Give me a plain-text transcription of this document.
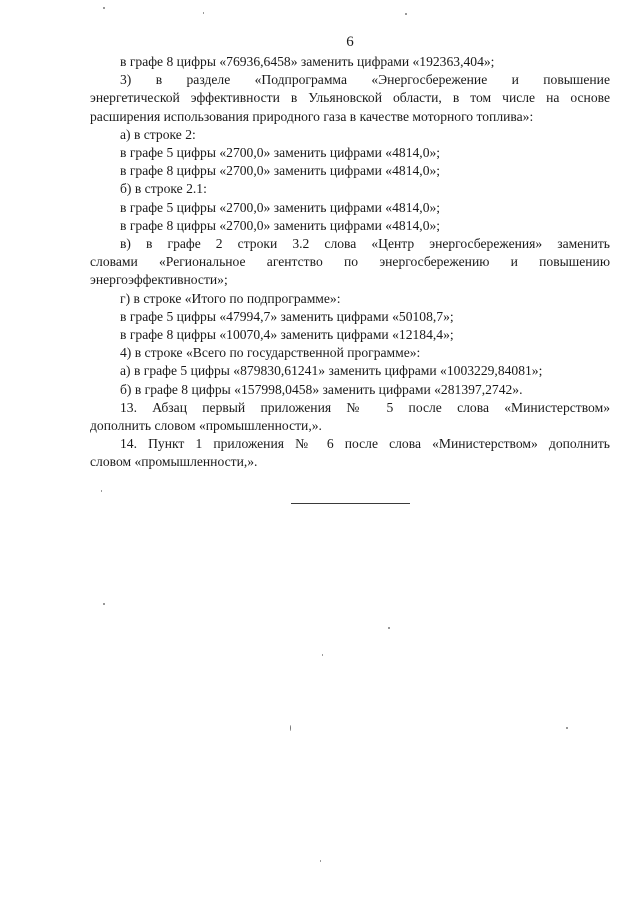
6
в графе 8 цифры «76936,6458» заменить цифрами «192363,404»;
3) в разделе «Подпрограмма «Энергосбережение и повышение
энергетической эффективности в Ульяновской области, в том числе на основе
расширения использования природного газа в качестве моторного топлива»:
а) в строке 2:
в графе 5 цифры «2700,0» заменить цифрами «4814,0»;
в графе 8 цифры «2700,0» заменить цифрами «4814,0»;
б) в строке 2.1:
в графе 5 цифры «2700,0» заменить цифрами «4814,0»;
в графе 8 цифры «2700,0» заменить цифрами «4814,0»;
в) в графе 2 строки 3.2 слова «Центр энергосбережения» заменить
словами «Региональное агентство по энергосбережению и повышению
энергоэффективности»;
г) в строке «Итого по подпрограмме»:
в графе 5 цифры «47994,7» заменить цифрами «50108,7»;
в графе 8 цифры «10070,4» заменить цифрами «12184,4»;
4) в строке «Всего по государственной программе»:
а) в графе 5 цифры «879830,61241» заменить цифрами «1003229,84081»;
б) в графе 8 цифры «157998,0458» заменить цифрами «281397,2742».
13. Абзац первый приложения № 5 после слова «Министерством»
дополнить словом «промышленности,».
14. Пункт 1 приложения № 6 после слова «Министерством» дополнить
словом «промышленности,».
